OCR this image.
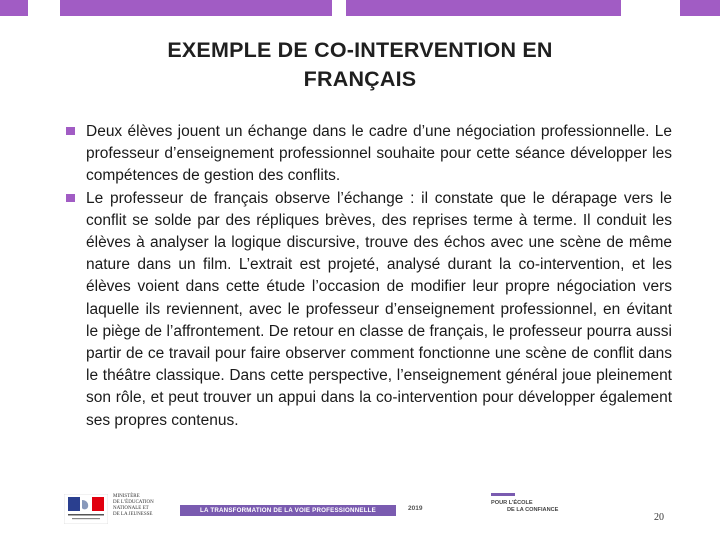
EXEMPLE DE CO-INTERVENTION EN
FRANÇAIS

Deux élèves jouent un échange dans le cadre d’une négociation professionnelle. Le professeur d’enseignement professionnel souhaite pour cette séance développer les compétences de gestion des conflits.

Le professeur de français observe l’échange : il constate que le dérapage vers le conflit se solde par des répliques brèves, des reprises terme à terme. Il conduit les élèves à analyser la logique discursive, trouve des échos avec une scène de même nature dans un film. L’extrait est projeté, analysé durant la co-intervention, et les élèves voient dans cette étude l’occasion de modifier leur propre négociation vers laquelle ils reviennent, avec le professeur d’enseignement professionnel, en évitant le piège de l’affrontement. De retour en classe de français, le professeur pourra aussi partir de ce travail pour faire observer comment fonctionne une scène de conflit dans le théâtre classique. Dans cette perspective, l’enseignement général joue pleinement son rôle, et peut trouver un appui dans la co-intervention pour développer également ses propres contenus.

MINISTÈRE
DE L’ÉDUCATION
NATIONALE ET
DE LA JEUNESSE
LA TRANSFORMATION DE LA VOIE PROFESSIONNELLE	2019
POUR L’ÉCOLE
DE LA CONFIANCE
20
